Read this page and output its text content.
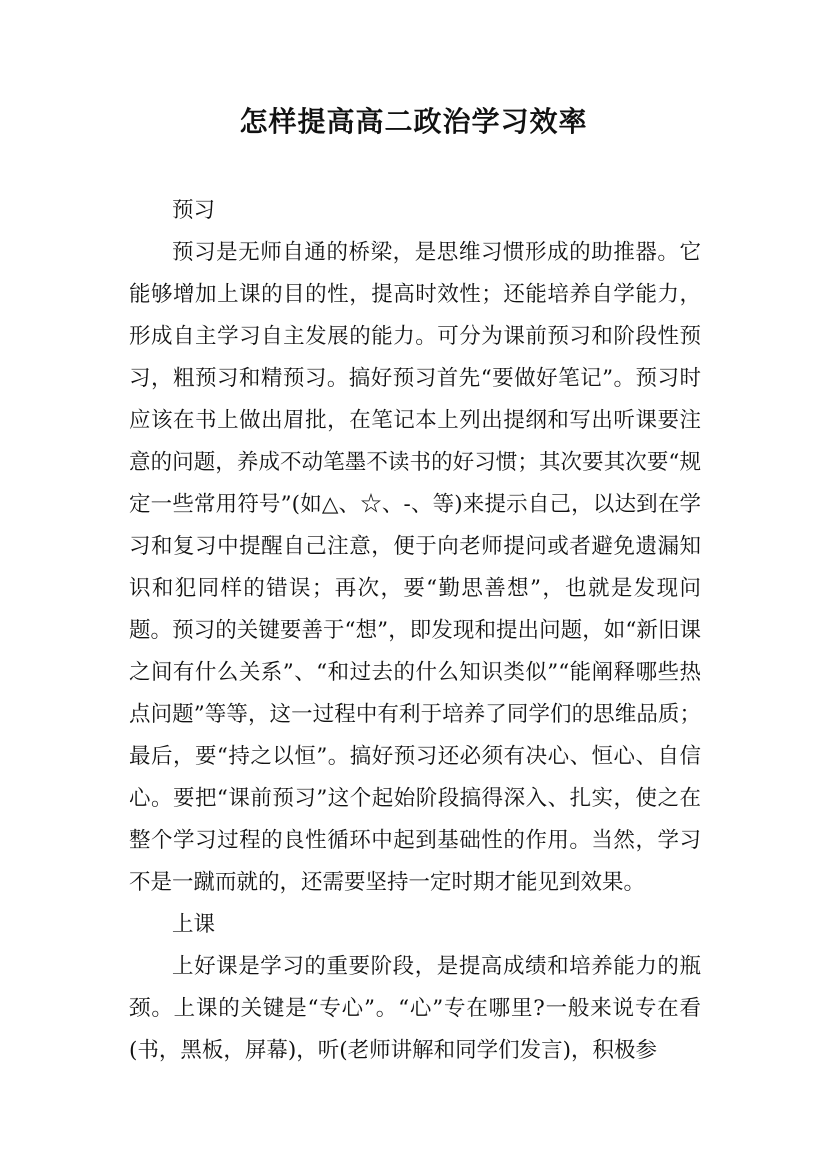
怎样提高高二政治学习效率

预习

预习是无师自通的桥梁，是思维习惯形成的助推器。它能够增加上课的目的性，提高时效性；还能培养自学能力，形成自主学习自主发展的能力。可分为课前预习和阶段性预习，粗预习和精预习。搞好预习首先“要做好笔记”。预习时应该在书上做出眉批，在笔记本上列出提纲和写出听课要注意的问题，养成不动笔墨不读书的好习惯；其次要其次要“规定一些常用符号”(如△、☆、-、等)来提示自己，以达到在学习和复习中提醒自己注意，便于向老师提问或者避免遗漏知识和犯同样的错误；再次，要“勤思善想”，也就是发现问题。预习的关键要善于“想”，即发现和提出问题，如“新旧课之间有什么关系”、“和过去的什么知识类似”“能阐释哪些热点问题”等等，这一过程中有利于培养了同学们的思维品质；最后，要“持之以恒”。搞好预习还必须有决心、恒心、自信心。要把“课前预习”这个起始阶段搞得深入、扎实，使之在整个学习过程的良性循环中起到基础性的作用。当然，学习不是一蹴而就的，还需要坚持一定时期才能见到效果。

上课

上好课是学习的重要阶段，是提高成绩和培养能力的瓶颈。上课的关键是“专心”。“心”专在哪里?一般来说专在看(书，黑板，屏幕)，听(老师讲解和同学们发言)，积极参
